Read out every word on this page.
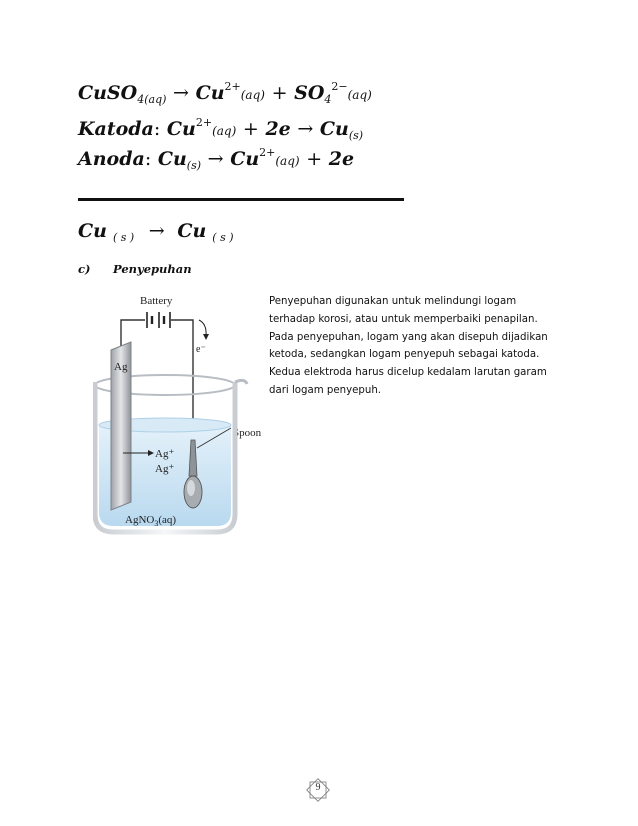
CuSO$_{4(aq)}$ → $Cu^{2+}(aq) + SO_4^{2-}(aq)$
Katoda: $Cu^{2+}(aq) + 2e \to Cu_{(s)}$
Anoda: $Cu_{(s)} \to Cu^{2+}(aq) + 2e$
Cu $_{( s )}$ → Cu $_{( s )}$
c) Penyepuhan
Battery
e⁻
Ag
Spoon
Ag⁺
Ag⁺
AgNO$_3$(aq)
Penyepuhan digunakan untuk melindungi logam
terhadap korosi, atau untuk memperbaiki penapilan.
Pada penyepuhan, logam yang akan disepuh dijadikan
ketoda, sedangkan logam penyepuh sebagai katoda.
Kedua elektroda harus dicelup kedalam larutan garam
dari logam penyepuh.
9
